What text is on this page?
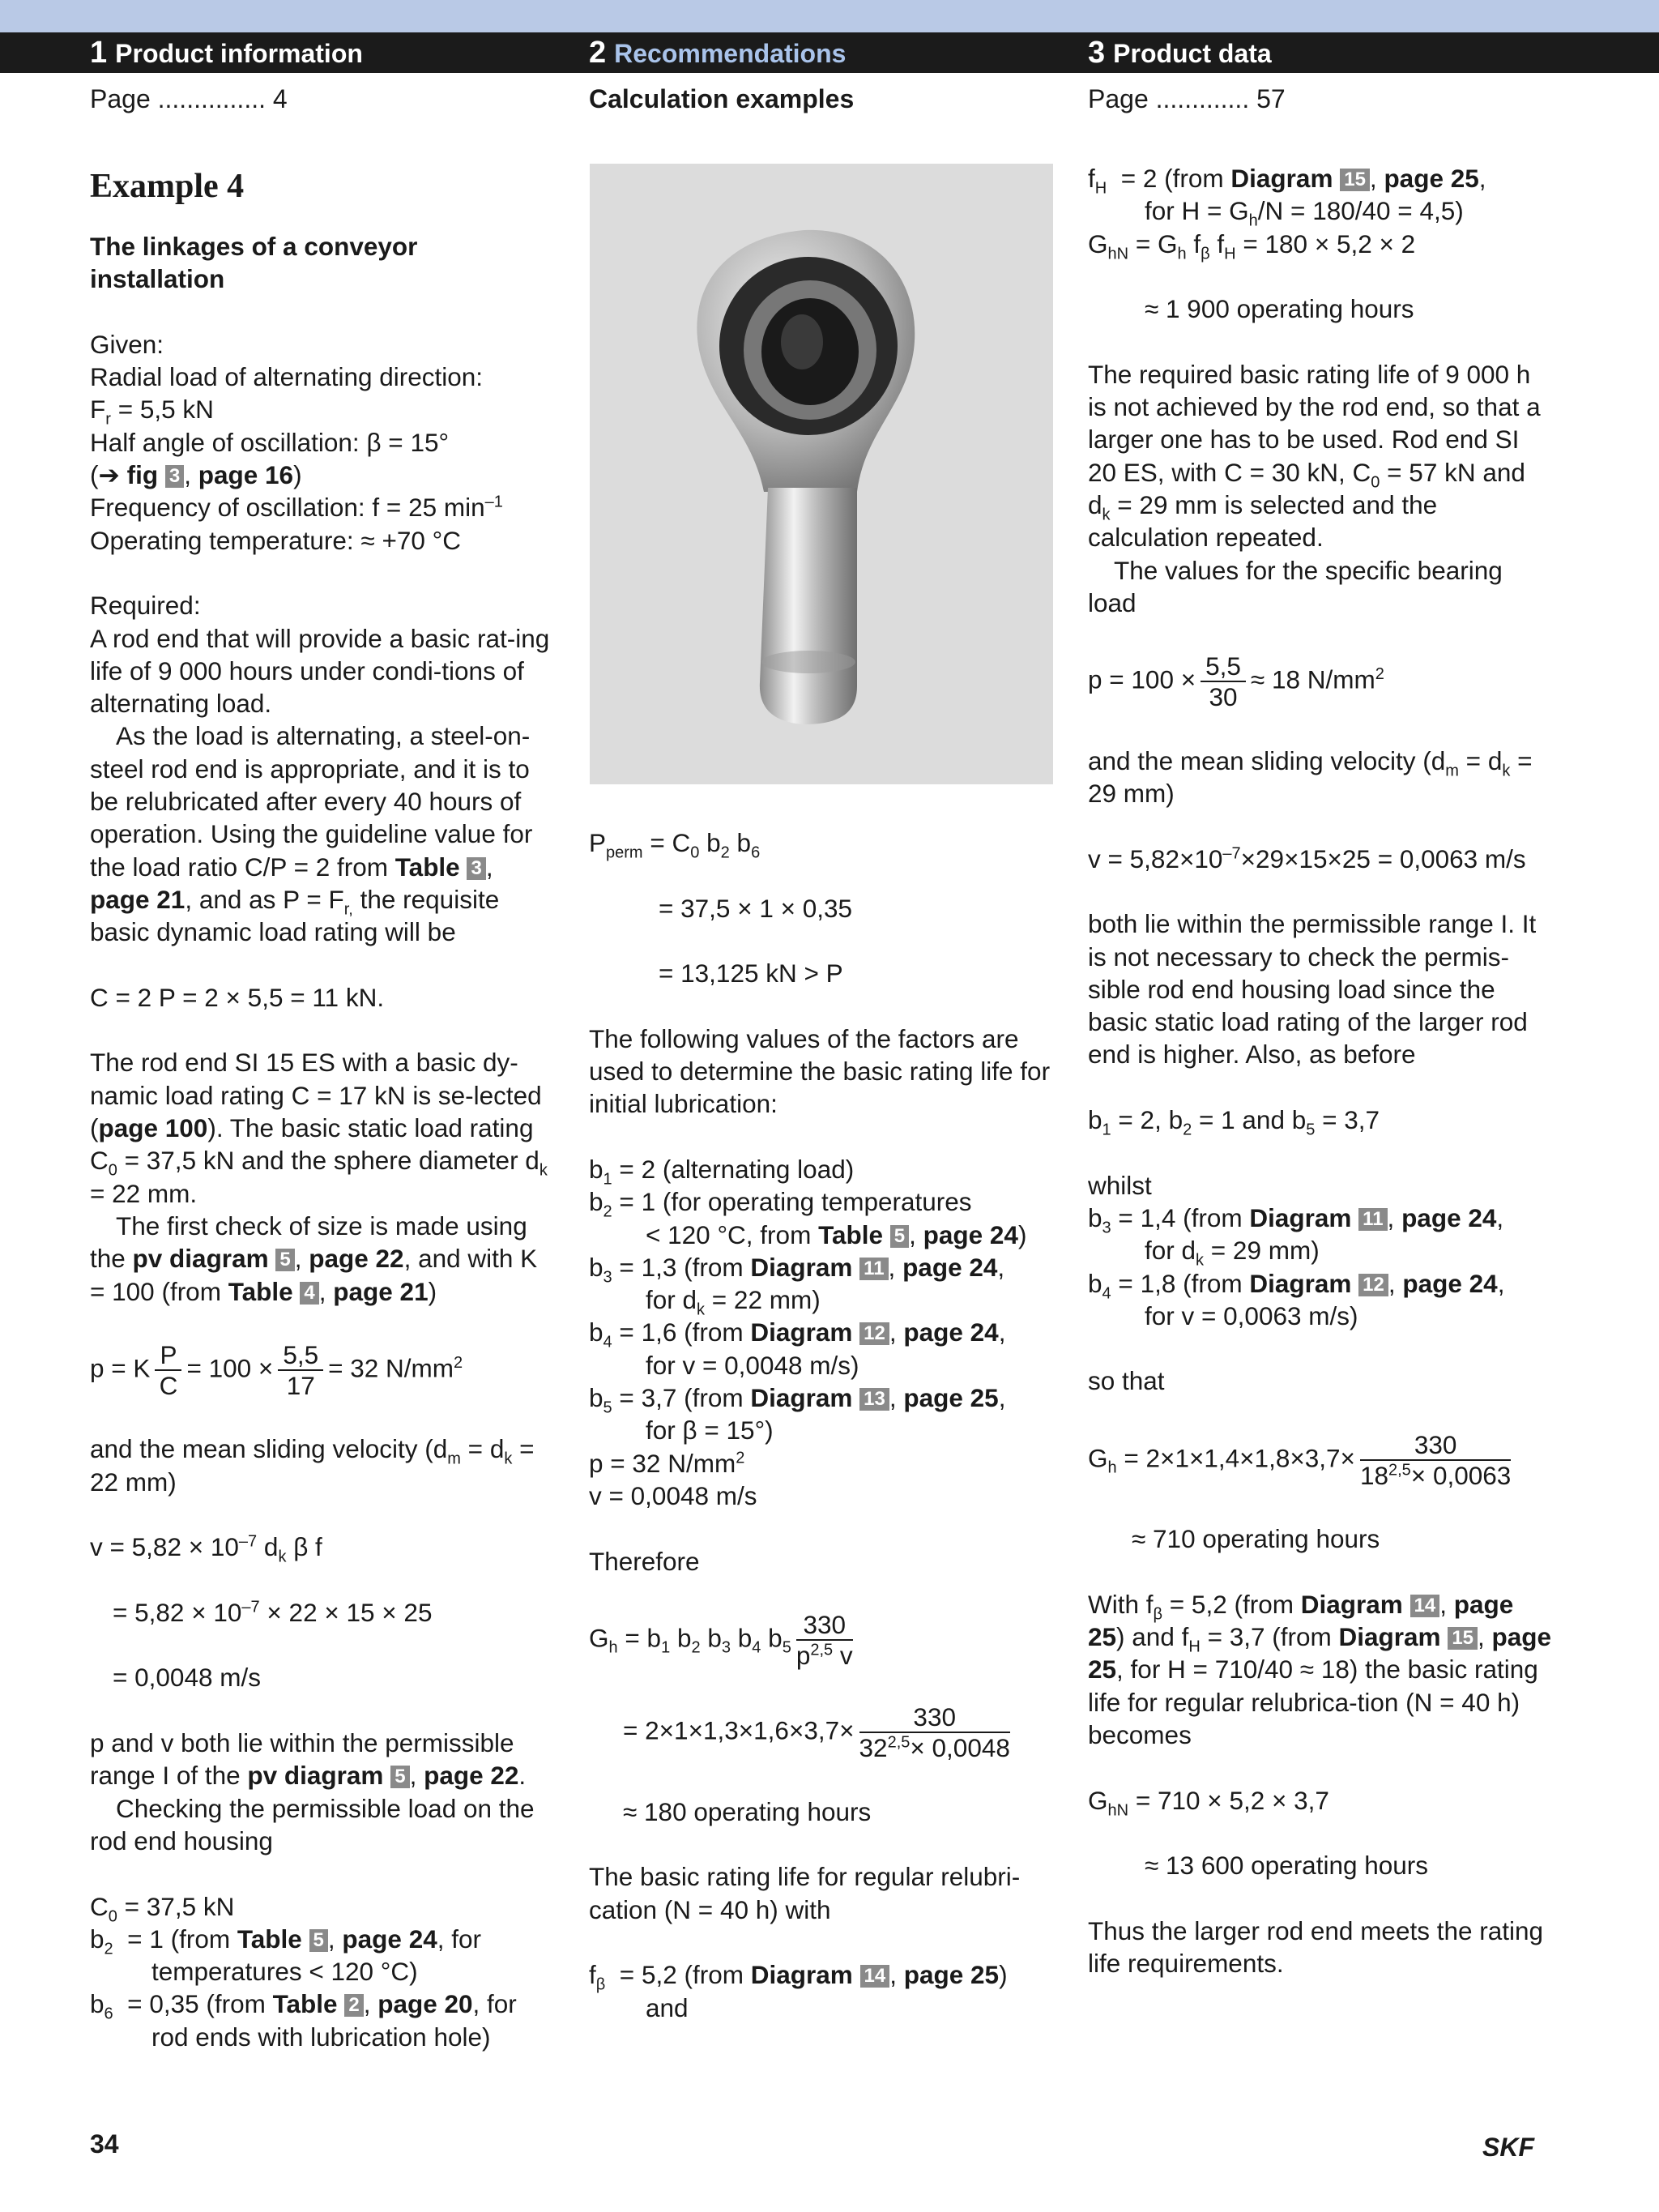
1 Product information	2 Recommendations	3 Product data
Page ............... 4	Calculation examples	Page ............. 57

Example 4

The linkages of a conveyor installation

Given:

Radial load of alternating direction:

$F_r = 5,5$ kN

Half angle of oscillation: β = 15°

(➔ fig 3 , page 16)

Frequency of oscillation: f = 25 $\min^{-1}$

Operating temperature: ≈ +70 °C

Required:

A rod end that will provide a basic rat-ing life of 9 000 hours under condi-tions of alternating load.

As the load is alternating, a steel-on-steel rod end is appropriate, and it is to be relubricated after every 40 hours of operation. Using the guideline value for the load ratio C/P = 2 from Table 3 , page 21, and as $P = F_{r,}$ the requisite basic dynamic load rating will be

C = 2 P = 2 × 5,5 = 11 kN.

The rod end SI 15 ES with a basic dy-namic load rating C = 17 kN is se-lected (page 100). The basic static load rating $C_0 = 37,5$ kN and the sphere diameter $d_k = 22$ mm.

The first check of size is made using the pv diagram 5 , page 22, and with K = 100 (from Table 4 , page 21)

p = K $\frac{P}{C} = 100 \times \frac{5,5}{17} = 32$ $N/mm^2$

and the mean sliding velocity ($d_m = d_k = 22$ mm)

$v = 5,82 \times 10^{-7}$ $d_k$ β f

= $5,82 \times 10^{-7} \times 22 \times 15 \times 25$

= 0,0048 m/s

p and v both lie within the permissible range I of the pv diagram 5 , page 22.

Checking the permissible load on the rod end housing

$C_0 = 37,5$ kN

$b_2 = 1$ (from Table 5 , page 24, for temperatures < 120 °C)

$b_6 = 0,35$ (from Table 2 , page 20, for rod ends with lubrication hole)

$P_{perm} = C_0$ $b_2$ $b_6$

= 37,5 × 1 × 0,35

= 13,125 kN > P

The following values of the factors are used to determine the basic rating life for initial lubrication:

$b_1 = 2$ (alternating load)

$b_2 = 1$ (for operating temperatures

< 120 °C, from Table 5 , page 24)

$b_3 = 1,3$ (from Diagram 11 , page 24,

for $d_k = 22$ mm)

$b_4 = 1,6$ (from Diagram 12 , page 24,

for v = 0,0048 m/s)

$b_5 = 3,7$ (from Diagram 13 , page 25,

for β = 15°)

p = 32 $N/mm^2$

v = 0,0048 m/s

Therefore

$G_h = b_1$ $b_2$ $b_3$ $b_4$ $b_5 \frac{330}{p^{2,5} v}$

= $2\times 1\times 1,3\times 1,6\times 3,7\times \frac{330}{32^{2,5}\times 0,0048}$

≈ 180 operating hours

The basic rating life for regular relubri-cation (N = 40 h) with

$f_\beta = 5,2$ (from Diagram 14 , page 25)

and

$f_H = 2$ (from Diagram 15 , page 25,

for $H = G_h/N = 180/40 = 4,5$)

$G_{hN} = G_h$ $f_\beta$ $f_H = 180 \times 5,2 \times 2$

≈ 1 900 operating hours

The required basic rating life of 9 000 h is not achieved by the rod end, so that a larger one has to be used. Rod end SI 20 ES, with C = 30 kN, $C_0 = 57$ kN and $d_k = 29$ mm is selected and the calculation repeated.

The values for the specific bearing load

$p = 100 \times \frac{5,5}{30} \approx 18$ $N/mm^2$

and the mean sliding velocity ($d_m = d_k = 29$ mm)

$v = 5,82\times 10^{-7}\times 29\times 15\times 25 = 0,0063$ m/s

both lie within the permissible range I. It is not necessary to check the permis-sible rod end housing load since the basic static load rating of the larger rod end is higher. Also, as before

$b_1 = 2$, $b_2 = 1$ and $b_5 = 3,7$

whilst

$b_3 = 1,4$ (from Diagram 11 , page 24,

for $d_k = 29$ mm)

$b_4 = 1,8$ (from Diagram 12 , page 24,

for v = 0,0063 m/s)

so that

$G_h = 2\times 1\times 1,4\times 1,8\times 3,7\times \frac{330}{18^{2,5}\times 0,0063}$

≈ 710 operating hours

With $f_\beta = 5,2$ (from Diagram 14 , page 25) and $f_H = 3,7$ (from Diagram 15 , page 25, for H = 710/40 ≈ 18) the basic rating life for regular relubrica-tion (N = 40 h) becomes

$G_{hN} = 710 \times 5,2 \times 3,7$

≈ 13 600 operating hours

Thus the larger rod end meets the rating life requirements.

34	SKF
